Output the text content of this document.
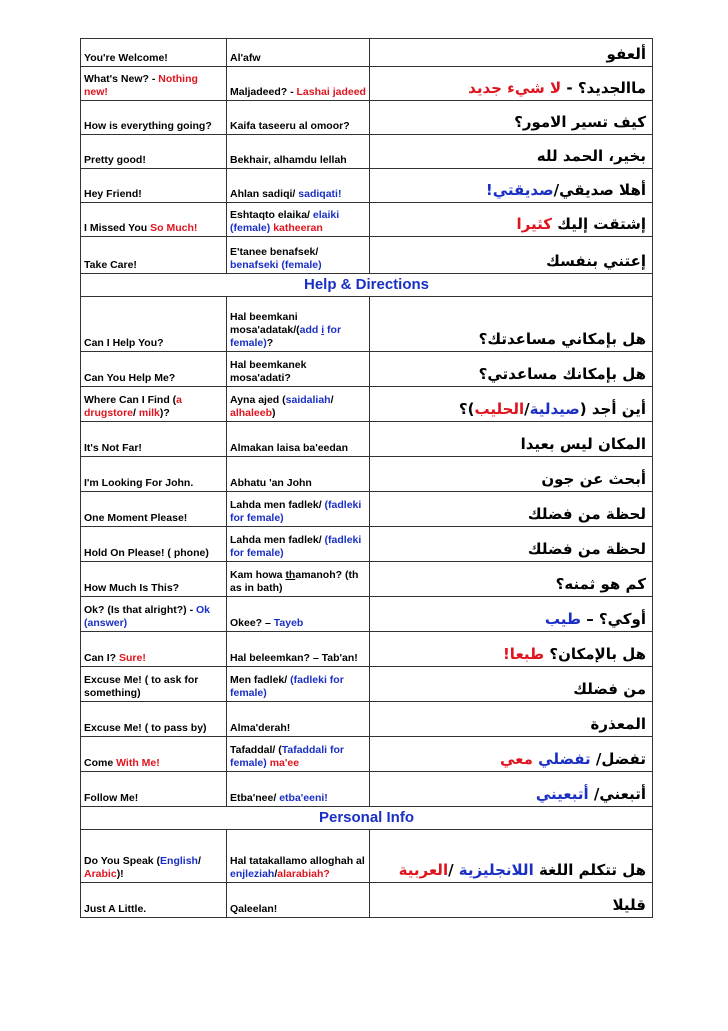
You're Welcome!	Al'afw	ألعفو
What's New? - Nothing new!	Maljadeed? - Lashai jadeed	ماالجديد؟ - لا شيء جديد
How is everything going?	Kaifa taseeru al omoor?	كيف تسير الامور؟
Pretty good!	Bekhair, alhamdu lellah	بخير، الحمد لله
Hey Friend!	Ahlan sadiqi/ sadiqati!	أهلا صديقي/صديقتي!
I Missed You So Much!	Eshtaqto elaika/ elaiki (female) katheeran	إشتقت إليك كثيرا
Take Care!	E'tanee benafsek/ benafseki (female)	إعتني بنفسك
Help & Directions		
Can I Help You?	Hal beemkani mosa'adatak/(add i for female)?	هل بإمكاني مساعدتك؟
Can You Help Me?	Hal beemkanek mosa'adati?	هل بإمكانك مساعدتي؟
Where Can I Find (a drugstore/ milk)?	Ayna ajed (saidaliah/ alhaleeb)	أين أجد (صيدلية/الحليب)؟
It's Not Far!	Almakan laisa ba'eedan	المكان ليس بعيدا
I'm Looking For John.	Abhatu 'an John	أبحث عن جون
One Moment Please!	Lahda men fadlek/ (fadleki for female)	لحظة من فضلك
Hold On Please! ( phone)	Lahda men fadlek/ (fadleki for female)	لحظة من فضلك
How Much Is This?	Kam howa thamanoh? (th as in bath)	كم هو ثمنه؟
Ok? (Is that alright?) - Ok (answer)	Okee? – Tayeb	أوكي؟ – طيب
Can I? Sure!	Hal beleemkan? – Tab'an!	هل بالإمكان؟ طبعا!
Excuse Me! ( to ask for something)	Men fadlek/ (fadleki for female)	من فضلك
Excuse Me! ( to pass by)	Alma'derah!	المعذرة
Come With Me!	Tafaddal/ (Tafaddali for female) ma'ee	تفضل/ تفضلي معي
Follow Me!	Etba'nee/ etba'eeni!	أتبعني/ أتبعيني
Personal Info		
Do You Speak (English/ Arabic)!	Hal tatakallamo alloghah al enjleziah/alarabiah?	هل تتكلم اللغة اللانجليزية /العربية
Just A Little.	Qaleelan!	قليلا
